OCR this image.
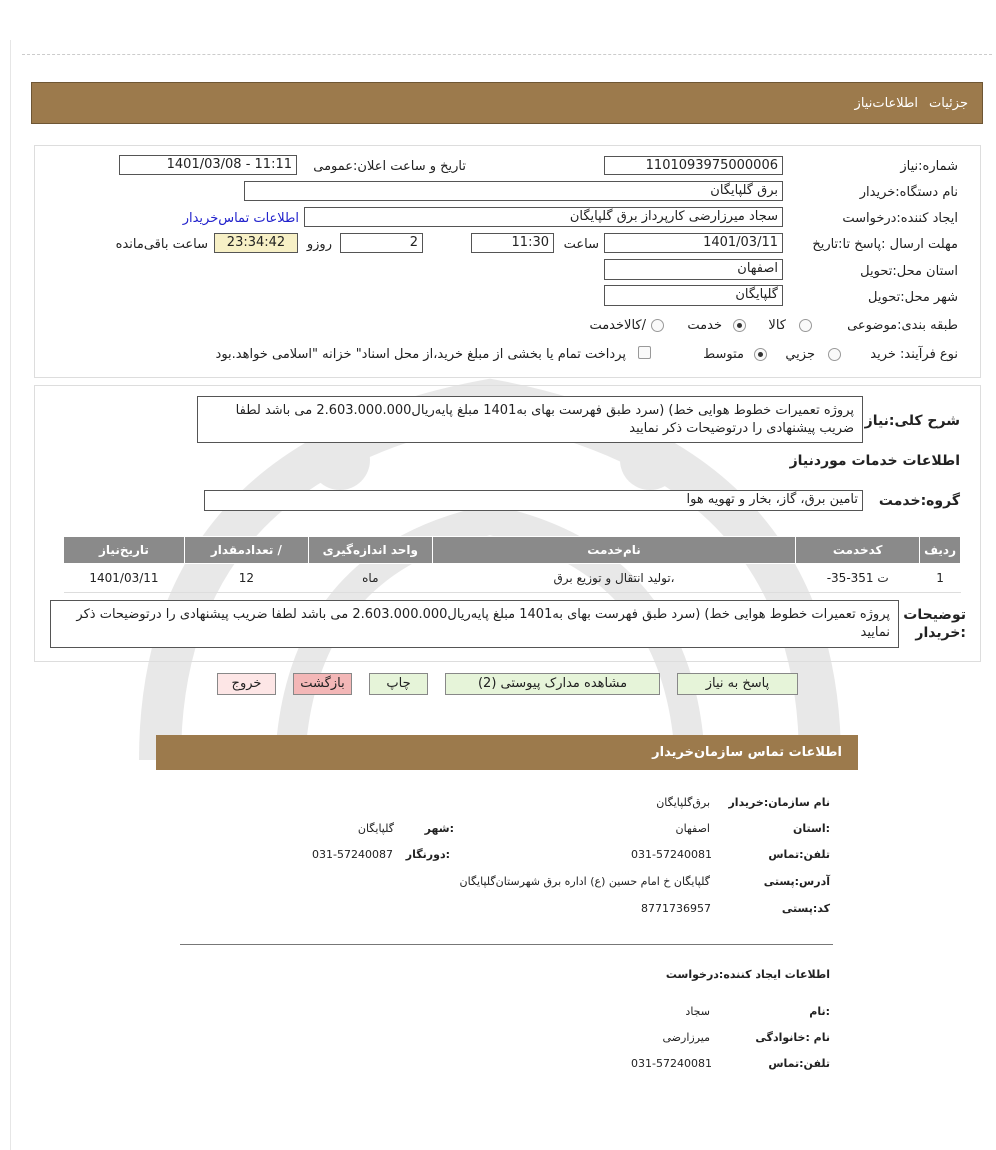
جزئیات
اطلاعات‌نیاز
شماره:نیاز
1101093975000006
تاریخ و ساعت اعلان:عمومی
1401/03/08 - 11:11
نام دستگاه:خریدار
برق گلپایگان
ایجاد کننده:درخواست
سجاد میرزارضی کارپرداز برق گلپایگان
اطلاعات تماس‌خریدار
مهلت ارسال :پاسخ تا:تاریخ
1401/03/11
ساعت
11:30
2
روزو
23:34:42
ساعت باقی‌مانده
استان محل:تحویل
اصفهان
شهر محل:تحویل
گلپایگان
طبقه بندی:موضوعی
کالا
خدمت
/کالاخدمت
نوع فرآیند: خرید
جزيي
متوسط
پرداخت تمام یا بخشی از مبلغ خرید،از محل اسناد" خزانه "اسلامی خواهد.بود
شرح کلی:نیاز
پروژه تعمیرات خطوط هوایی خط) (سرد طبق فهرست بهای به1401 مبلغ پایه‌ریال2.603.000.000 می باشد لطفا ضریب پیشنهادی را درتوضیحات ذکر نمایید
اطلاعات خدمات موردنیاز
گروه:خدمت
تامین برق، گاز، بخار و تهویه هوا
ردیف	کدخدمت	نام‌خدمت	واحد اندازه‌گیری	/ تعدادمقدار	تاریخ‌نیاز
1	ت 351-35-	،تولید انتقال و توزیع برق	ماه	12	1401/03/11
توضیحات :خریدار
پروژه تعمیرات خطوط هوایی خط) (سرد طبق فهرست بهای به1401 مبلغ پایه‌ریال2.603.000.000 می باشد لطفا ضریب پیشنهادی را درتوضیحات ذکر نمایید
پاسخ به نیاز
مشاهده مدارک پیوستی (2)
چاپ
بازگشت
خروج
اطلاعات تماس سازمان‌خریدار
نام سازمان:خریدار
برق‌گلپایگان
:استان
اصفهان
:شهر
گلپایگان
تلفن:تماس
031-57240081
:دورنگار
031-57240087
آدرس:پستی
گلپایگان خ امام حسین (ع) اداره برق شهرستان‌گلپایگان
کد:پستی
8771736957
اطلاعات ایجاد کننده:درخواست
:نام
سجاد
نام :خانوادگی
میرزارضی
تلفن:تماس
031-57240081
